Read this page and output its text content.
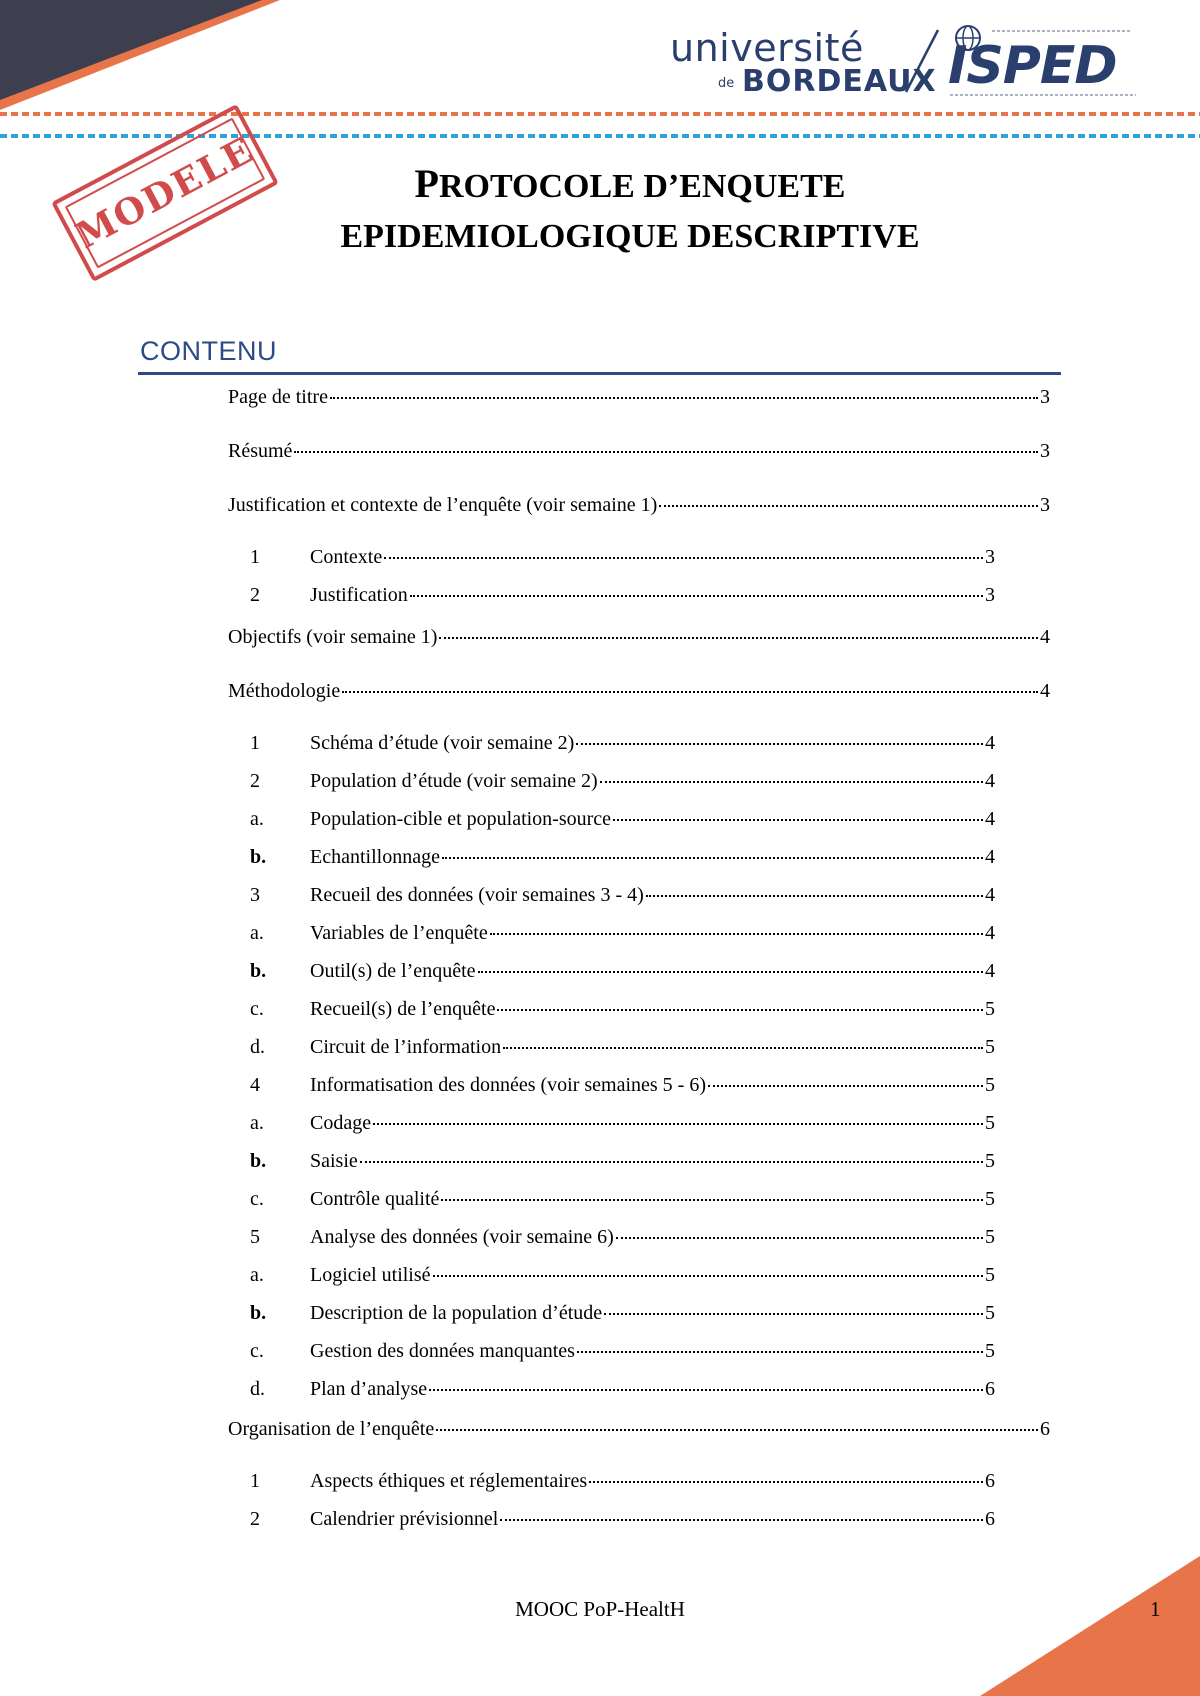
université
de BORDEAUX ISPED
MODELE	PROTOCOLE D’ENQUETE
EPIDEMIOLOGIQUE DESCRIPTIVE
CONTENU
Page de titre	3
Résumé	3
Justification et contexte de l’enquête (voir semaine 1)	3
1	Contexte	3
2	Justification	3
Objectifs (voir semaine 1)	4
Méthodologie	4
1	Schéma d’étude (voir semaine 2)	4
2	Population d’étude (voir semaine 2)	4
a.	Population-cible et population-source	4
b.	Echantillonnage	4
3	Recueil des données (voir semaines 3 - 4)	4
a.	Variables de l’enquête	4
b.	Outil(s) de l’enquête	4
c.	Recueil(s) de l’enquête	5
d.	Circuit de l’information	5
4	Informatisation des données (voir semaines 5 - 6)	5
a.	Codage	5
b.	Saisie	5
c.	Contrôle qualité	5
5	Analyse des données (voir semaine 6)	5
a.	Logiciel utilisé	5
b.	Description de la population d’étude	5
c.	Gestion des données manquantes	5
d.	Plan d’analyse	6
Organisation de l’enquête	6
1	Aspects éthiques et réglementaires	6
2	Calendrier prévisionnel	6
MOOC PoP-HealtH	1
